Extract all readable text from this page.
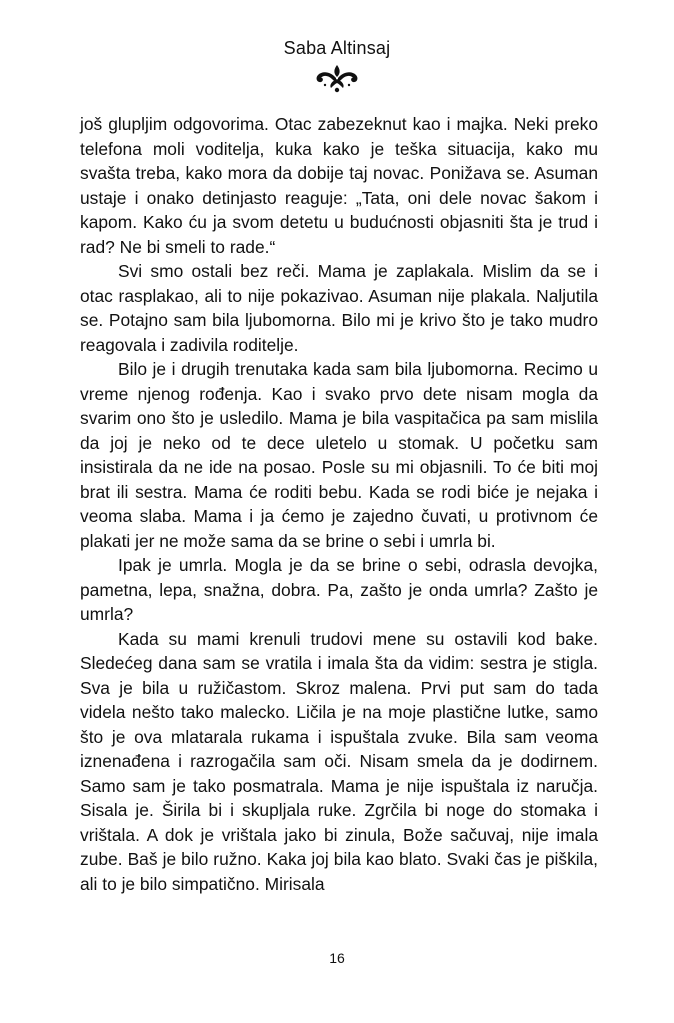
Saba Altinsaj

još glupljim odgovorima. Otac zabezeknut kao i majka. Neki preko telefona moli voditelja, kuka kako je teška situacija, kako mu svašta treba, kako mora da dobije taj novac. Ponižava se. Asuman ustaje i onako detinjasto reaguje: „Tata, oni dele novac šakom i kapom. Kako ću ja svom detetu u budućnosti objasniti šta je trud i rad? Ne bi smeli to rade.“

Svi smo ostali bez reči. Mama je zaplakala. Mislim da se i otac rasplakao, ali to nije pokazivao. Asuman nije plakala. Naljutila se. Potajno sam bila ljubomorna. Bilo mi je krivo što je tako mudro reagovala i zadivila roditelje.

Bilo je i drugih trenutaka kada sam bila ljubomorna. Recimo u vreme njenog rođenja. Kao i svako prvo dete nisam mogla da svarim ono što je usledilo. Mama je bila vaspitačica pa sam mislila da joj je neko od te dece uletelo u stomak. U početku sam insistirala da ne ide na posao. Posle su mi objasnili. To će biti moj brat ili sestra. Mama će roditi bebu. Kada se rodi biće je nejaka i veoma slaba. Mama i ja ćemo je zajedno čuvati, u protivnom će plakati jer ne može sama da se brine o sebi i umrla bi.

Ipak je umrla. Mogla je da se brine o sebi, odrasla devojka, pametna, lepa, snažna, dobra. Pa, zašto je onda umrla? Zašto je umrla?

Kada su mami krenuli trudovi mene su ostavili kod bake. Sledećeg dana sam se vratila i imala šta da vidim: sestra je stigla. Sva je bila u ružičastom. Skroz malena. Prvi put sam do tada videla nešto tako malecko. Ličila je na moje plastične lutke, samo što je ova mlatarala rukama i ispuštala zvuke. Bila sam veoma iznenađena i razrogačila sam oči. Nisam smela da je dodirnem. Samo sam je tako posmatrala. Mama je nije ispuštala iz naručja. Sisala je. Širila bi i skupljala ruke. Zgrčila bi noge do stomaka i vrištala. A dok je vrištala jako bi zinula, Bože sačuvaj, nije imala zube. Baš je bilo ružno. Kaka joj bila kao blato. Svaki čas je piškila, ali to je bilo simpatično. Mirisala

16
